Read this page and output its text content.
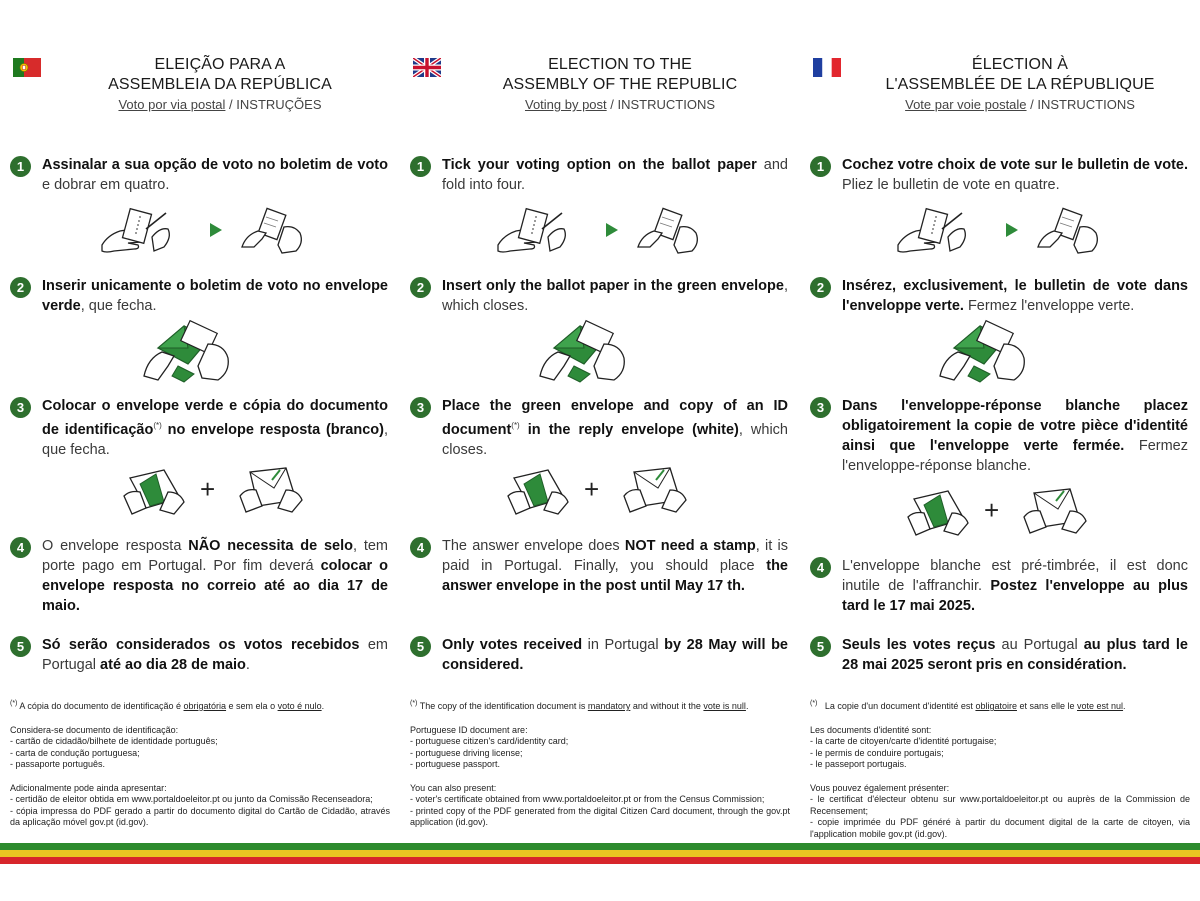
ELEIÇÃO PARA A
ASSEMBLEIA DA REPÚBLICA
Voto por via postal / INSTRUÇÕES
1	Assinalar a sua opção de voto no boletim de voto e dobrar em quatro.
2	Inserir unicamente o boletim de voto no envelope verde, que fecha.
3	Colocar o envelope verde e cópia do documento de identificação(*) no envelope resposta (branco), que fecha.
+
4	O envelope resposta NÃO necessita de selo, tem porte pago em Portugal. Por fim deverá colocar o envelope resposta no correio até ao dia 17 de maio.
5	Só serão considerados os votos recebidos em Portugal até ao dia 28 de maio.
(*) A cópia do documento de identificação é obrigatória e sem ela o voto é nulo.

Considera-se documento de identificação:

- cartão de cidadão/bilhete de identidade português;

- carta de condução portuguesa;

- passaporte português.

Adicionalmente pode ainda apresentar:

- certidão de eleitor obtida em www.portaldoeleitor.pt ou junto da Comissão Recenseadora;

- cópia impressa do PDF gerado a partir do documento digital do Cartão de Cidadão, através da aplicação móvel gov.pt (id.gov).

ELECTION TO THE
ASSEMBLY OF THE REPUBLIC
Voting by post / INSTRUCTIONS
1	Tick your voting option on the ballot paper and fold into four.
2	Insert only the ballot paper in the green envelope, which closes.
3	Place the green envelope and copy of an ID document(*) in the reply envelope (white), which closes.
+
4	The answer envelope does NOT need a stamp, it is paid in Portugal. Finally, you should place the answer envelope in the post until May 17 th.
5	Only votes received in Portugal by 28 May will be considered.
(*) The copy of the identification document is mandatory and without it the vote is null.

Portuguese ID document are:

- portuguese citizen's card/identity card;

- portuguese driving license;

- portuguese passport.

You can also present:

- voter's certificate obtained from www.portaldoeleitor.pt or from the Census Commission;

- printed copy of the PDF generated from the digital Citizen Card document, through the gov.pt application (id.gov).

ÉLECTION À
L'ASSEMBLÉE DE LA RÉPUBLIQUE
Vote par voie postale / INSTRUCTIONS
1	Cochez votre choix de vote sur le bulletin de vote. Pliez le bulletin de vote en quatre.
2	Insérez, exclusivement, le bulletin de vote dans l'enveloppe verte. Fermez l'enveloppe verte.
3	Dans l'enveloppe-réponse blanche placez obligatoirement la copie de votre pièce d'identité ainsi que l'enveloppe verte fermée. Fermez l'enveloppe-réponse blanche.
+
4	L'enveloppe blanche est pré-timbrée, il est donc inutile de l'affranchir. Postez l'enveloppe au plus tard le 17 mai 2025.
5	Seuls les votes reçus au Portugal au plus tard le 28 mai 2025 seront pris en considération.
(*)   La copie d'un document d'identité est obligatoire et sans elle le vote est nul.

Les documents d'identité sont:

- la carte de citoyen/carte d'identité portugaise;

- le permis de conduire portugais;

- le passeport portugais.

Vous pouvez également présenter:

- le certificat d'électeur obtenu sur www.portaldoeleitor.pt ou auprès de la Commission de Recensement;

- copie imprimée du PDF généré à partir du document digital de la carte de citoyen, via l'application mobile gov.pt (id.gov).
